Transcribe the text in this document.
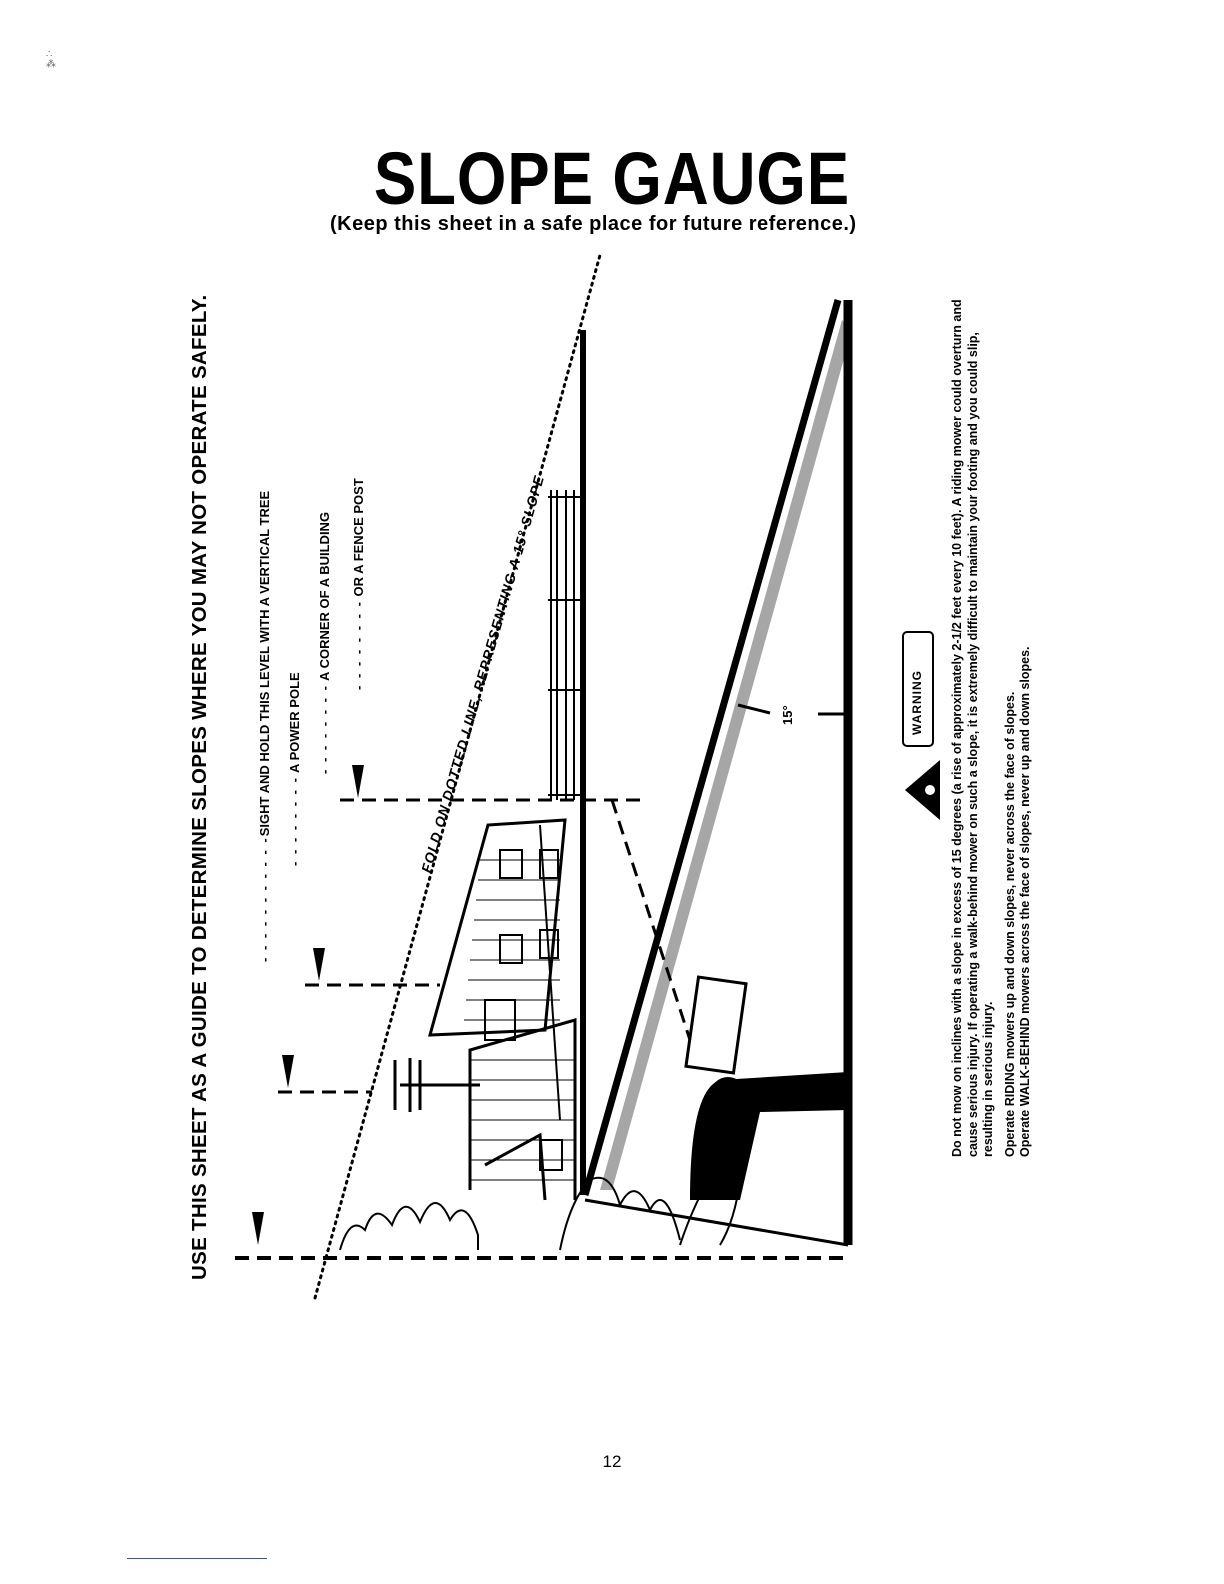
∴
⁂
SLOPE GAUGE
(Keep this sheet in a safe place for future reference.)
USE THIS SHEET AS A GUIDE TO DETERMINE SLOPES WHERE YOU MAY NOT OPERATE SAFELY.	- - - - - - - - - - -SIGHT AND HOLD THIS LEVEL WITH A VERTICAL TREE - - - - - - - - A POWER POLE - - - - - - - - A CORNER OF A BUILDING - - - - - - - - OR A FENCE POST	FOLD ON DOTTED LINE, REPRESENTING A 15° SLOPE	15°	WARNING Do not mow on inclines with a slope in excess of 15 degrees (a rise of approximately 2-1/2 feet every 10 feet). A riding mower could overturn and cause serious injury. If operating a walk-behind mower on such a slope, it is extremely difficult to maintain your footing and you could slip, resulting in serious injury. Operate RIDING mowers up and down slopes, never across the face of slopes.
Operate WALK-BEHIND mowers across the face of slopes, never up and down slopes.

12
